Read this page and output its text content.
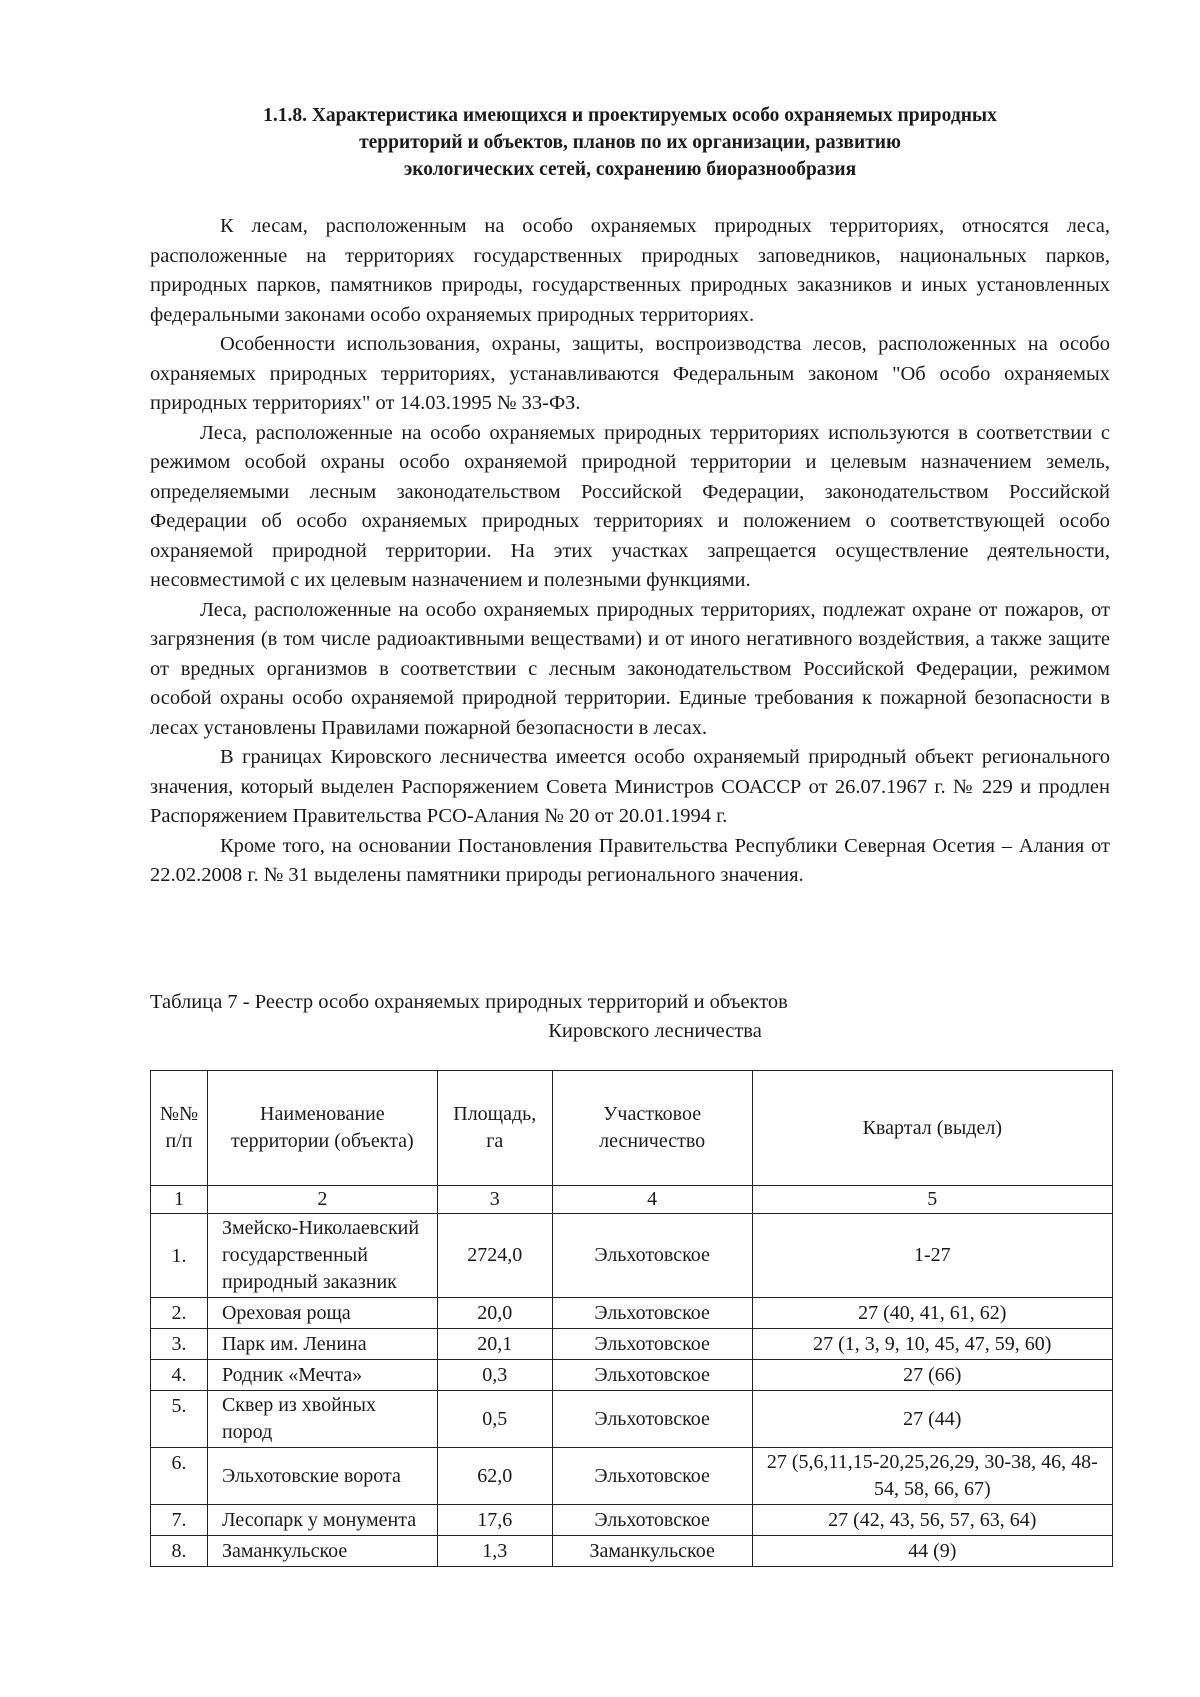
1.1.8. Характеристика имеющихся и проектируемых особо охраняемых природных
территорий и объектов, планов по их организации, развитию
экологических сетей, сохранению биоразнообразия

К лесам, расположенным на особо охраняемых природных территориях, относятся леса, расположенные на территориях государственных природных заповедников, национальных парков, природных парков, памятников природы, государственных природных заказников и иных установленных федеральными законами особо охраняемых природных территориях.

Особенности использования, охраны, защиты, воспроизводства лесов, расположенных на особо охраняемых природных территориях, устанавливаются Федеральным законом "Об особо охраняемых природных территориях" от 14.03.1995 № 33-ФЗ.

Леса, расположенные на особо охраняемых природных территориях используются в соответствии с режимом особой охраны особо охраняемой природной территории и целевым назначением земель, определяемыми лесным законодательством Российской Федерации, законодательством Российской Федерации об особо охраняемых природных территориях и положением о соответствующей особо охраняемой природной территории. На этих участках запрещается осуществление деятельности, несовместимой с их целевым назначением и полезными функциями.

Леса, расположенные на особо охраняемых природных территориях, подлежат охране от пожаров, от загрязнения (в том числе радиоактивными веществами) и от иного негативного воздействия, а также защите от вредных организмов в соответствии с лесным законодательством Российской Федерации, режимом особой охраны особо охраняемой природной территории. Единые требования к пожарной безопасности в лесах установлены Правилами пожарной безопасности в лесах.

В границах Кировского лесничества имеется особо охраняемый природный объект регионального значения, который выделен Распоряжением Совета Министров СОАССР от 26.07.1967 г. № 229 и продлен Распоряжением Правительства РСО-Алания № 20 от 20.01.1994 г.

Кроме того, на основании Постановления Правительства Республики Северная Осетия – Алания от 22.02.2008 г. № 31 выделены памятники природы регионального значения.

Таблица 7 - Реестр особо охраняемых природных территорий и объектов
Кировского лесничества
№№ п/п	Наименование территории (объекта)	Площадь, га	Участковое лесничество	Квартал (выдел)
1	2	3	4	5
1.	Змейско-Николаевский государственный природный заказник	2724,0	Эльхотовское	1-27
2.	Ореховая роща	20,0	Эльхотовское	27 (40, 41, 61, 62)
3.	Парк им. Ленина	20,1	Эльхотовское	27 (1, 3, 9, 10, 45, 47, 59, 60)
4.	Родник «Мечта»	0,3	Эльхотовское	27 (66)
5.	Сквер из хвойных пород	0,5	Эльхотовское	27 (44)
6.	Эльхотовские ворота	62,0	Эльхотовское	27 (5,6,11,15-20,25,26,29, 30-38, 46, 48-54, 58, 66, 67)
7.	Лесопарк у монумента	17,6	Эльхотовское	27 (42, 43, 56, 57, 63, 64)
8.	Заманкульское	1,3	Заманкульское	44 (9)
